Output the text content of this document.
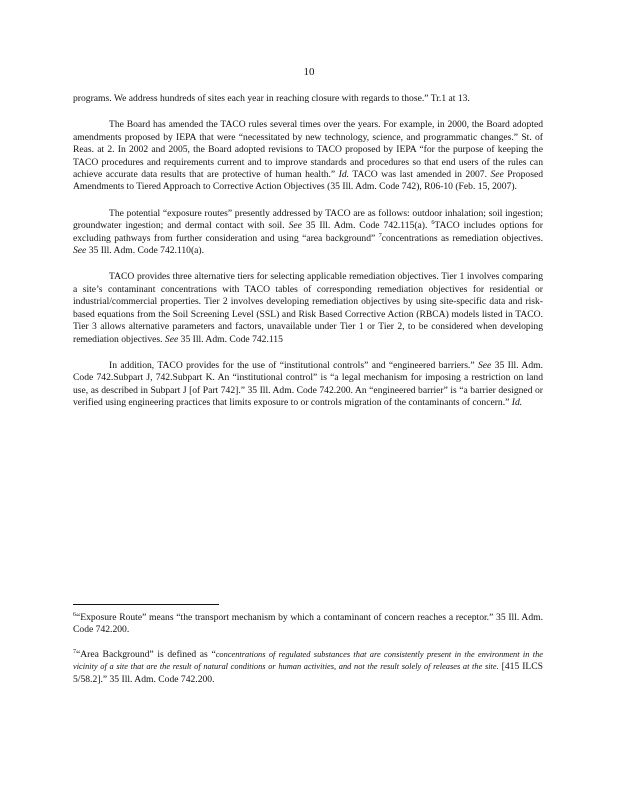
10

programs. We address hundreds of sites each year in reaching closure with regards to those.” Tr.1 at 13.

The Board has amended the TACO rules several times over the years. For example, in 2000, the Board adopted amendments proposed by IEPA that were “necessitated by new technology, science, and programmatic changes.” St. of Reas. at 2. In 2002 and 2005, the Board adopted revisions to TACO proposed by IEPA “for the purpose of keeping the TACO procedures and requirements current and to improve standards and procedures so that end users of the rules can achieve accurate data results that are protective of human health.” Id. TACO was last amended in 2007. See Proposed Amendments to Tiered Approach to Corrective Action Objectives (35 Ill. Adm. Code 742), R06-10 (Feb. 15, 2007).

The potential “exposure routes” presently addressed by TACO are as follows: outdoor inhalation; soil ingestion; groundwater ingestion; and dermal contact with soil. See 35 Ill. Adm. Code 742.115(a). $^6$TACO includes options for excluding pathways from further consideration and using “area background” $^7$concentrations as remediation objectives. See 35 Ill. Adm. Code 742.110(a).

TACO provides three alternative tiers for selecting applicable remediation objectives. Tier 1 involves comparing a site’s contaminant concentrations with TACO tables of corresponding remediation objectives for residential or industrial/commercial properties. Tier 2 involves developing remediation objectives by using site-specific data and risk-based equations from the Soil Screening Level (SSL) and Risk Based Corrective Action (RBCA) models listed in TACO. Tier 3 allows alternative parameters and factors, unavailable under Tier 1 or Tier 2, to be considered when developing remediation objectives. See 35 Ill. Adm. Code 742.115

In addition, TACO provides for the use of “institutional controls” and “engineered barriers.” See 35 Ill. Adm. Code 742.Subpart J, 742.Subpart K. An “institutional control” is “a legal mechanism for imposing a restriction on land use, as described in Subpart J [of Part 742].” 35 Ill. Adm. Code 742.200. An “engineered barrier” is “a barrier designed or verified using engineering practices that limits exposure to or controls migration of the contaminants of concern.” Id.

$^6$“Exposure Route” means “the transport mechanism by which a contaminant of concern reaches a receptor.” 35 Ill. Adm. Code 742.200.

$^7$“Area Background” is defined as “concentrations of regulated substances that are consistently present in the environment in the vicinity of a site that are the result of natural conditions or human activities, and not the result solely of releases at the site. [415 ILCS 5/58.2].” 35 Ill. Adm. Code 742.200.
